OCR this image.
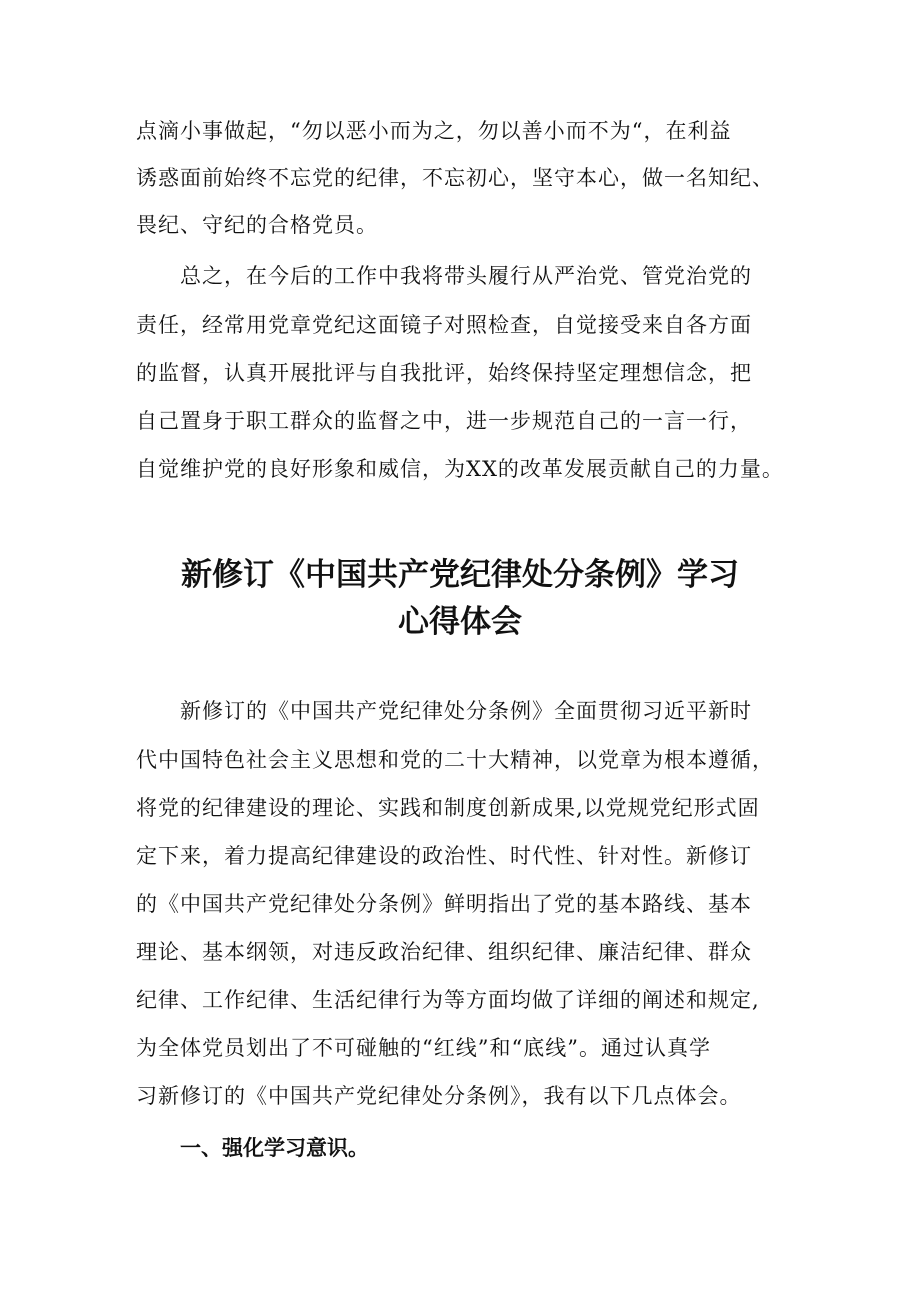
点滴小事做起，“勿以恶小而为之，勿以善小而不为“，在利益

诱惑面前始终不忘党的纪律，不忘初心，坚守本心，做一名知纪、

畏纪、守纪的合格党员。

总之，在今后的工作中我将带头履行从严治党、管党治党的

责任，经常用党章党纪这面镜子对照检查，自觉接受来自各方面

的监督，认真开展批评与自我批评，始终保持坚定理想信念，把

自己置身于职工群众的监督之中，进一步规范自己的一言一行，

自觉维护党的良好形象和威信，为XX的改革发展贡献自己的力量。

新修订《中国共产党纪律处分条例》学习
心得体会

新修订的《中国共产党纪律处分条例》全面贯彻习近平新时

代中国特色社会主义思想和党的二十大精神，以党章为根本遵循，

将党的纪律建设的理论、实践和制度创新成果,以党规党纪形式固

定下来，着力提高纪律建设的政治性、时代性、针对性。新修订

的《中国共产党纪律处分条例》鲜明指出了党的基本路线、基本

理论、基本纲领，对违反政治纪律、组织纪律、廉洁纪律、群众

纪律、工作纪律、生活纪律行为等方面均做了详细的阐述和规定,

为全体党员划出了不可碰触的“红线”和“底线”。通过认真学

习新修订的《中国共产党纪律处分条例》，我有以下几点体会。

一、强化学习意识。
